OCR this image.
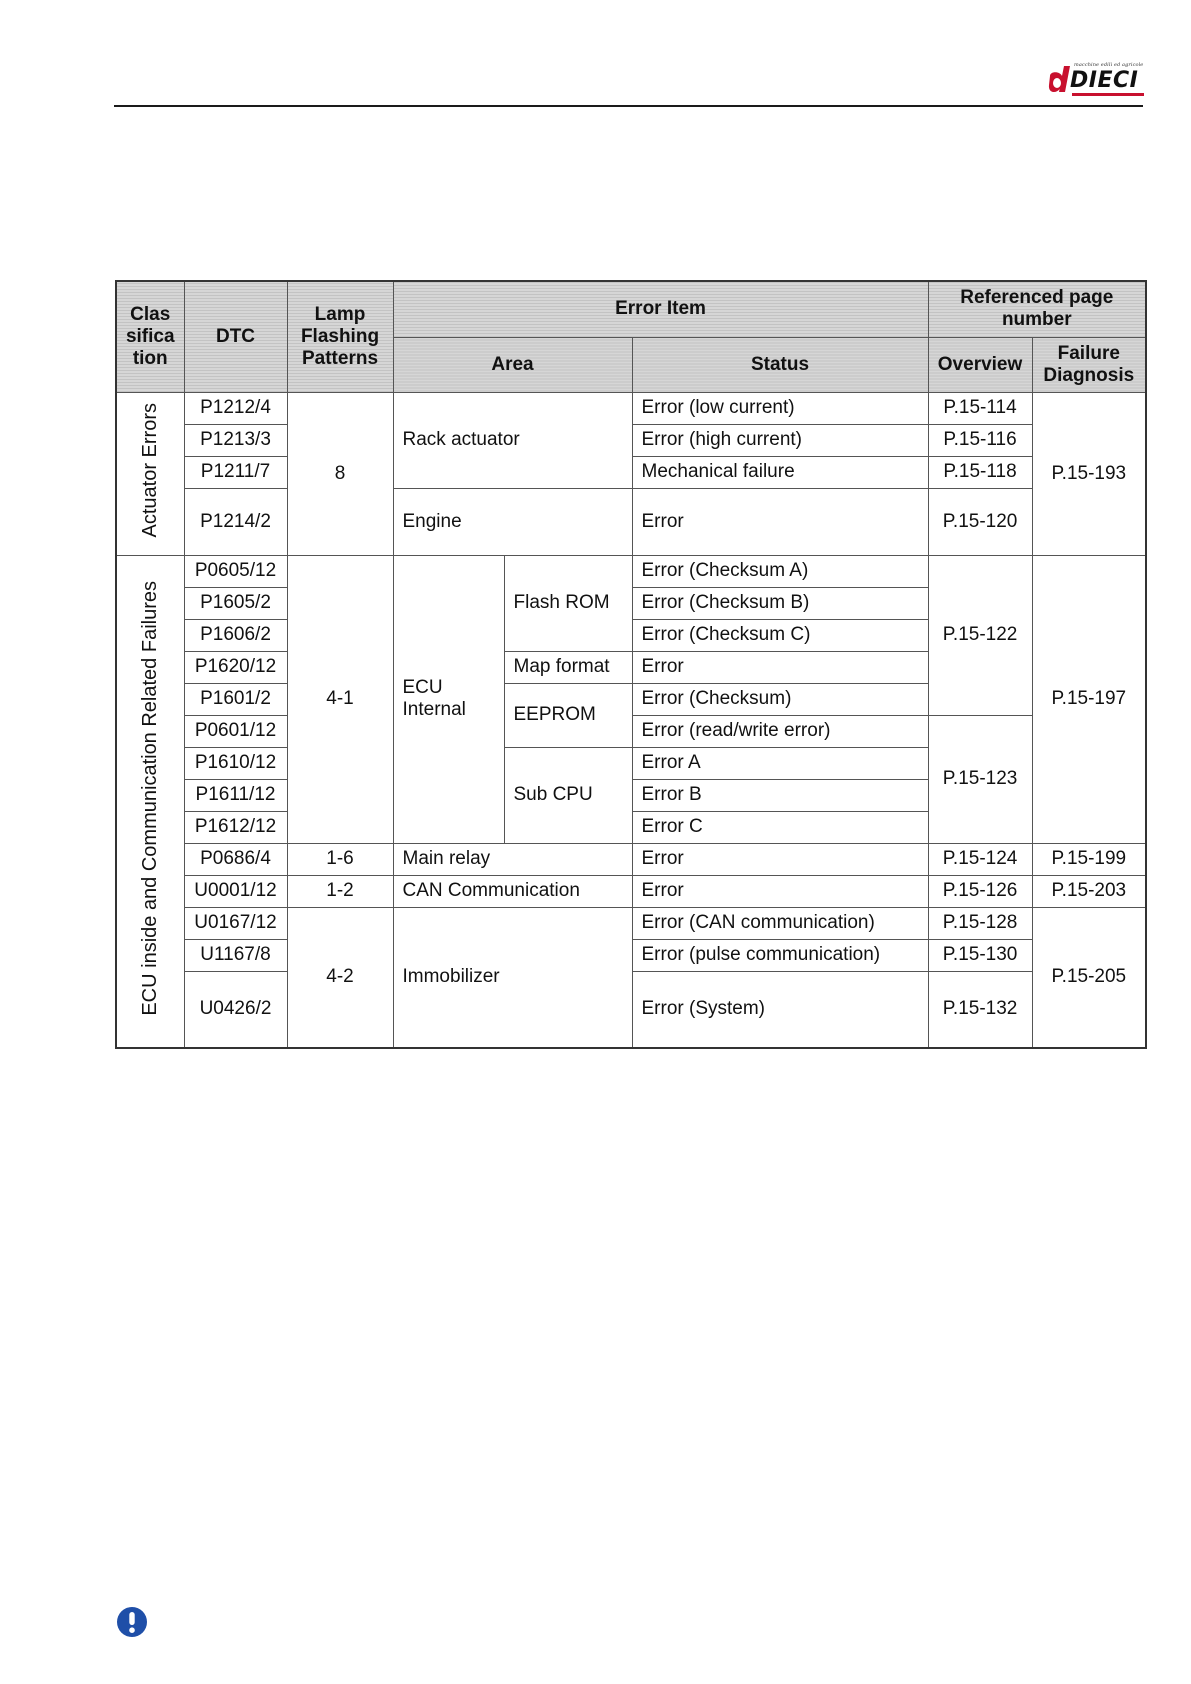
macchine edili ed agricole
DIECI
Clas sifica tion	DTC	Lamp Flashing Patterns	Error Item			Referenced page number	
			Area		Status	Overview	Failure Diagnosis
Actuator Errors	P1212/4	8	Rack actuator		Error (low current)	P.15-114	P.15-193
	P1213/3				Error (high current)	P.15-116	
	P1211/7				Mechanical failure	P.15-118	
	P1214/2		Engine		Error	P.15-120	
ECU inside and Communication Related Failures	P0605/12	4-1	ECU Internal	Flash ROM	Error (Checksum A)	P.15-122	P.15-197
	P1605/2				Error (Checksum B)		
	P1606/2				Error (Checksum C)		
	P1620/12			Map format	Error		
	P1601/2			EEPROM	Error (Checksum)		
	P0601/12				Error (read/write error)	P.15-123	
	P1610/12			Sub CPU	Error A		
	P1611/12				Error B		
	P1612/12				Error C		
	P0686/4	1-6	Main relay		Error	P.15-124	P.15-199
	U0001/12	1-2	CAN Communication		Error	P.15-126	P.15-203
	U0167/12	4-2	Immobilizer		Error (CAN communication)	P.15-128	P.15-205
	U1167/8				Error (pulse communication)	P.15-130	
	U0426/2				Error (System)	P.15-132	
